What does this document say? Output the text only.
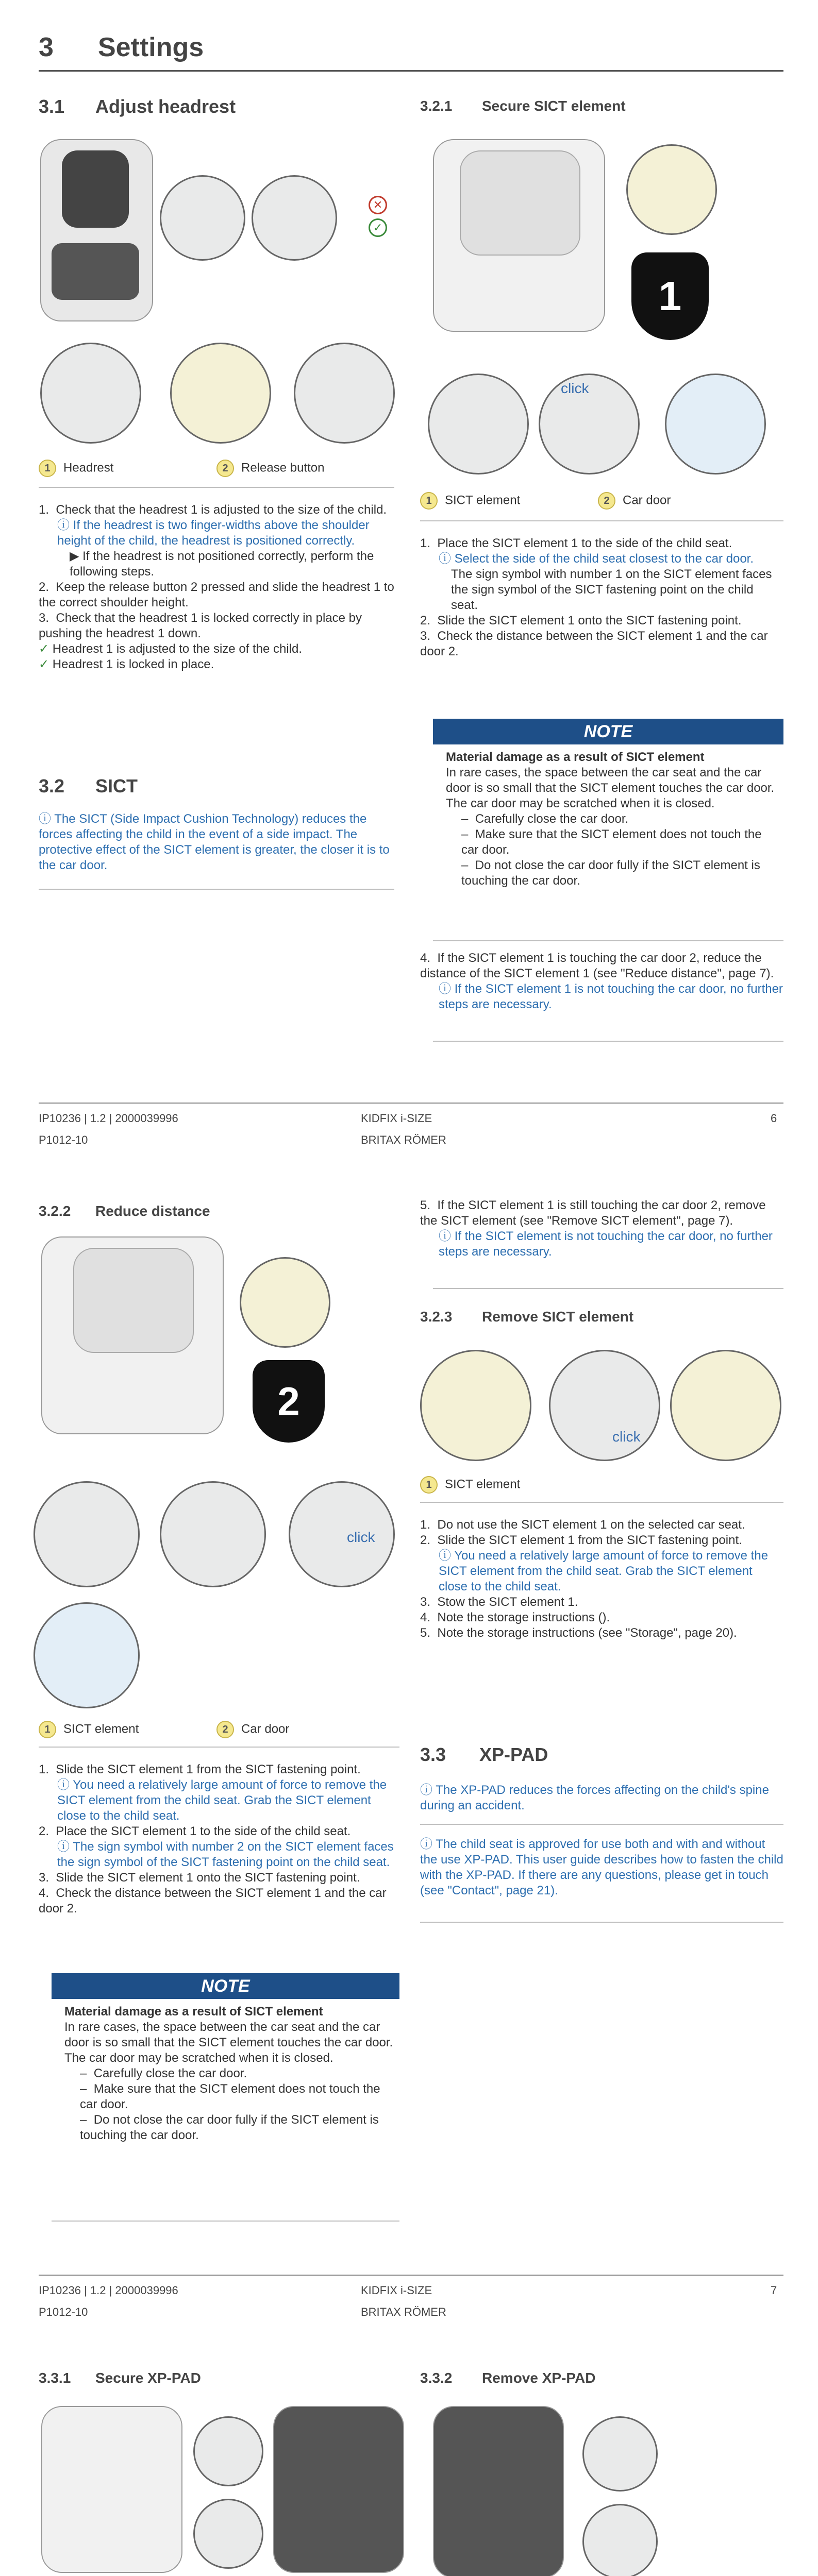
3 Settings
3.1 Adjust headrest
✕
✓
1 Headrest	2 Release button
1.  Check that the headrest 1 is adjusted to the size of the child.
ⓘ If the headrest is two finger-widths above the shoulder height of the child, the headrest is positioned correctly.
▶ If the headrest is not positioned correctly, perform the following steps.
2.  Keep the release button 2 pressed and slide the headrest 1 to the correct shoulder height.
3.  Check that the headrest 1 is locked correctly in place by pushing the headrest 1 down.
✓ Headrest 1 is adjusted to the size of the child.
✓ Headrest 1 is locked in place.
3.2 SICT
ⓘ The SICT (Side Impact Cushion Technology) reduces the forces affecting the child in the event of a side impact. The protective effect of the SICT element is greater, the closer it is to the car door.
3.2.1 Secure SICT element
1
click
1 SICT element	2 Car door
1.  Place the SICT element 1 to the side of the child seat.
ⓘ Select the side of the child seat closest to the car door.
The sign symbol with number 1 on the SICT element faces the sign symbol of the SICT fastening point on the child seat.
2.  Slide the SICT element 1 onto the SICT fastening point.
3.  Check the distance between the SICT element 1 and the car door 2.
NOTE
Material damage as a result of SICT element
In rare cases, the space between the car seat and the car door is so small that the SICT element touches the car door. The car door may be scratched when it is closed.
–  Carefully close the car door.
–  Make sure that the SICT element does not touch the car door.
–  Do not close the car door fully if the SICT element is touching the car door.
4.  If the SICT element 1 is touching the car door 2, reduce the distance of the SICT element 1 (see "Reduce distance", page 7).
ⓘ If the SICT element 1 is not touching the car door, no further steps are necessary.
IP10236 | 1.2 | 2000039996	KIDFIX i-SIZE	6
P1012-10	BRITAX RÖMER
3.2.2 Reduce distance
2
click
1 SICT element	2 Car door
1.  Slide the SICT element 1 from the SICT fastening point.
ⓘ You need a relatively large amount of force to remove the SICT element from the child seat. Grab the SICT element close to the child seat.
2.  Place the SICT element 1 to the side of the child seat.
ⓘ The sign symbol with number 2 on the SICT element faces the sign symbol of the SICT fastening point on the child seat.
3.  Slide the SICT element 1 onto the SICT fastening point.
4.  Check the distance between the SICT element 1 and the car door 2.
NOTE
Material damage as a result of SICT element
In rare cases, the space between the car seat and the car door is so small that the SICT element touches the car door. The car door may be scratched when it is closed.
–  Carefully close the car door.
–  Make sure that the SICT element does not touch the car door.
–  Do not close the car door fully if the SICT element is touching the car door.
5.  If the SICT element 1 is still touching the car door 2, remove the SICT element (see "Remove SICT element", page 7).
ⓘ If the SICT element is not touching the car door, no further steps are necessary.
3.2.3 Remove SICT element
click
1 SICT element
1.  Do not use the SICT element 1 on the selected car seat.
2.  Slide the SICT element 1 from the SICT fastening point.
ⓘ You need a relatively large amount of force to remove the SICT element from the child seat. Grab the SICT element close to the child seat.
3.  Stow the SICT element 1.
4.  Note the storage instructions ().
5.  Note the storage instructions (see "Storage", page 20).
3.3 XP-PAD
ⓘ The XP-PAD reduces the forces affecting on the child's spine during an accident.
ⓘ The child seat is approved for use both and with and without the use XP-PAD. This user guide describes how to fasten the child with the XP-PAD. If there are any questions, please get in touch (see "Contact", page 21).
IP10236 | 1.2 | 2000039996	KIDFIX i-SIZE	7
P1012-10	BRITAX RÖMER
3.3.1 Secure XP-PAD	3.3.2 Remove XP-PAD
